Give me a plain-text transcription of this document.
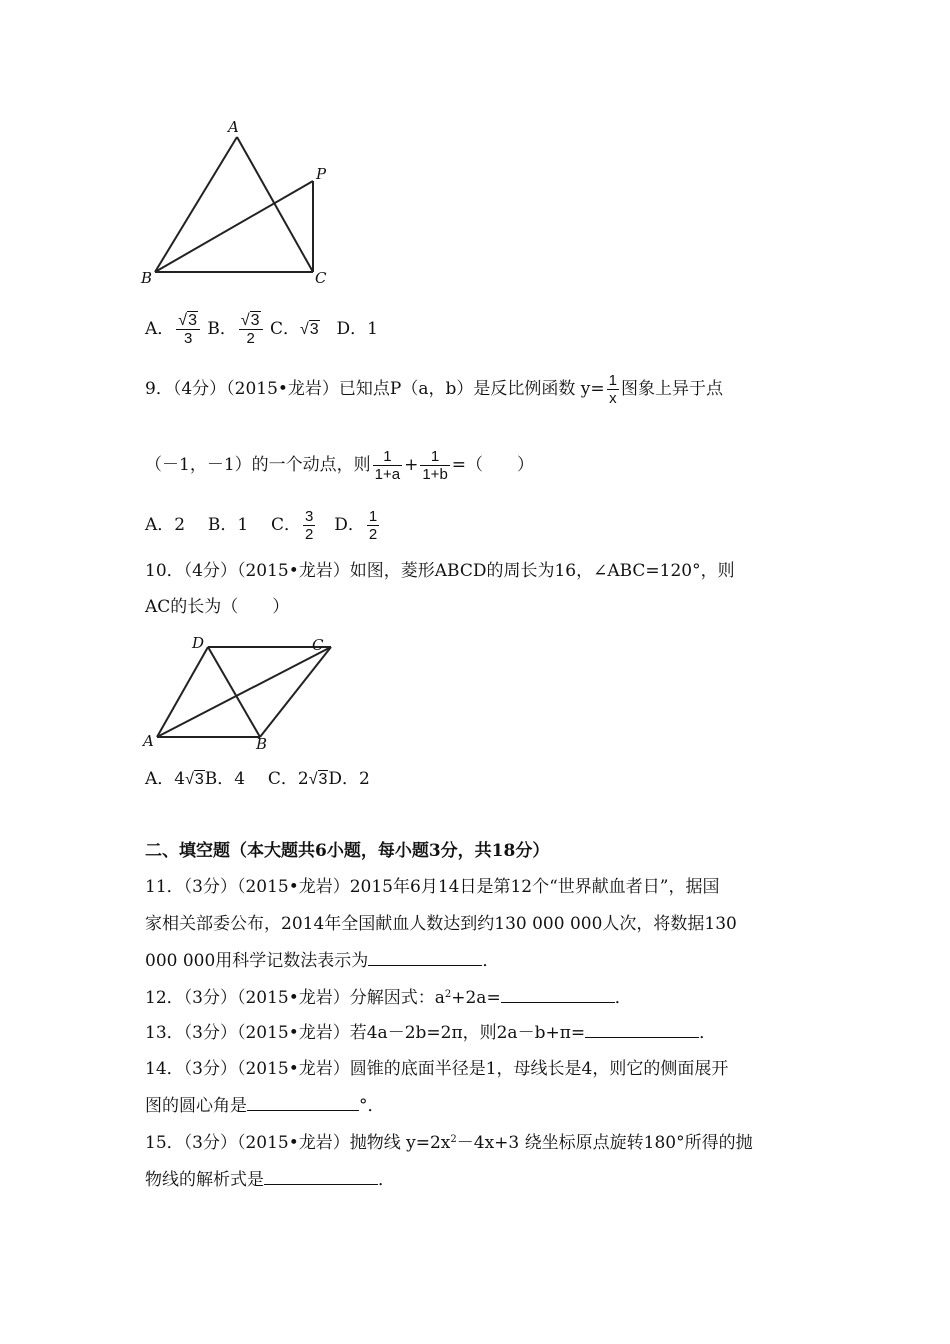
A
P
B	C
A． $\frac{√3}{3}$ B． $\frac{√3}{2}$ C．√3 D．1
9．（4分）（2015•龙岩）已知点P（a，b）是反比例函数 $y= \frac{1}{x}$ 图象上异于点
（－1，－1）的一个动点，则 $\frac{1}{1+a} + \frac{1}{1+b}$ =（　　）
A．2 B．1 C． $\frac{3}{2}$ D． $\frac{1}{2}$
10．（4分）（2015•龙岩）如图，菱形ABCD的周长为16，∠ABC=120°，则
AC的长为（　　）
D	C
A	B
A．4√3B．4 C．2√3D．2
二、填空题（本大题共6小题，每小题3分，共18分）
11．（3分）（2015•龙岩）2015年6月14日是第12个“世界献血者日”，据国
家相关部委公布，2014年全国献血人数达到约130 000 000人次，将数据130
000 000用科学记数法表示为	．
12．（3分）（2015•龙岩）分解因式：$a^2+2a=$	．
13．（3分）（2015•龙岩）若4a－2b=2π，则2a－b+π=	．
14．（3分）（2015•龙岩）圆锥的底面半径是1，母线长是4，则它的侧面展开
图的圆心角是	°．
15．（3分）（2015•龙岩）抛物线 $y=2x^2-4x+3$ 绕坐标原点旋转180°所得的抛
物线的解析式是	．
